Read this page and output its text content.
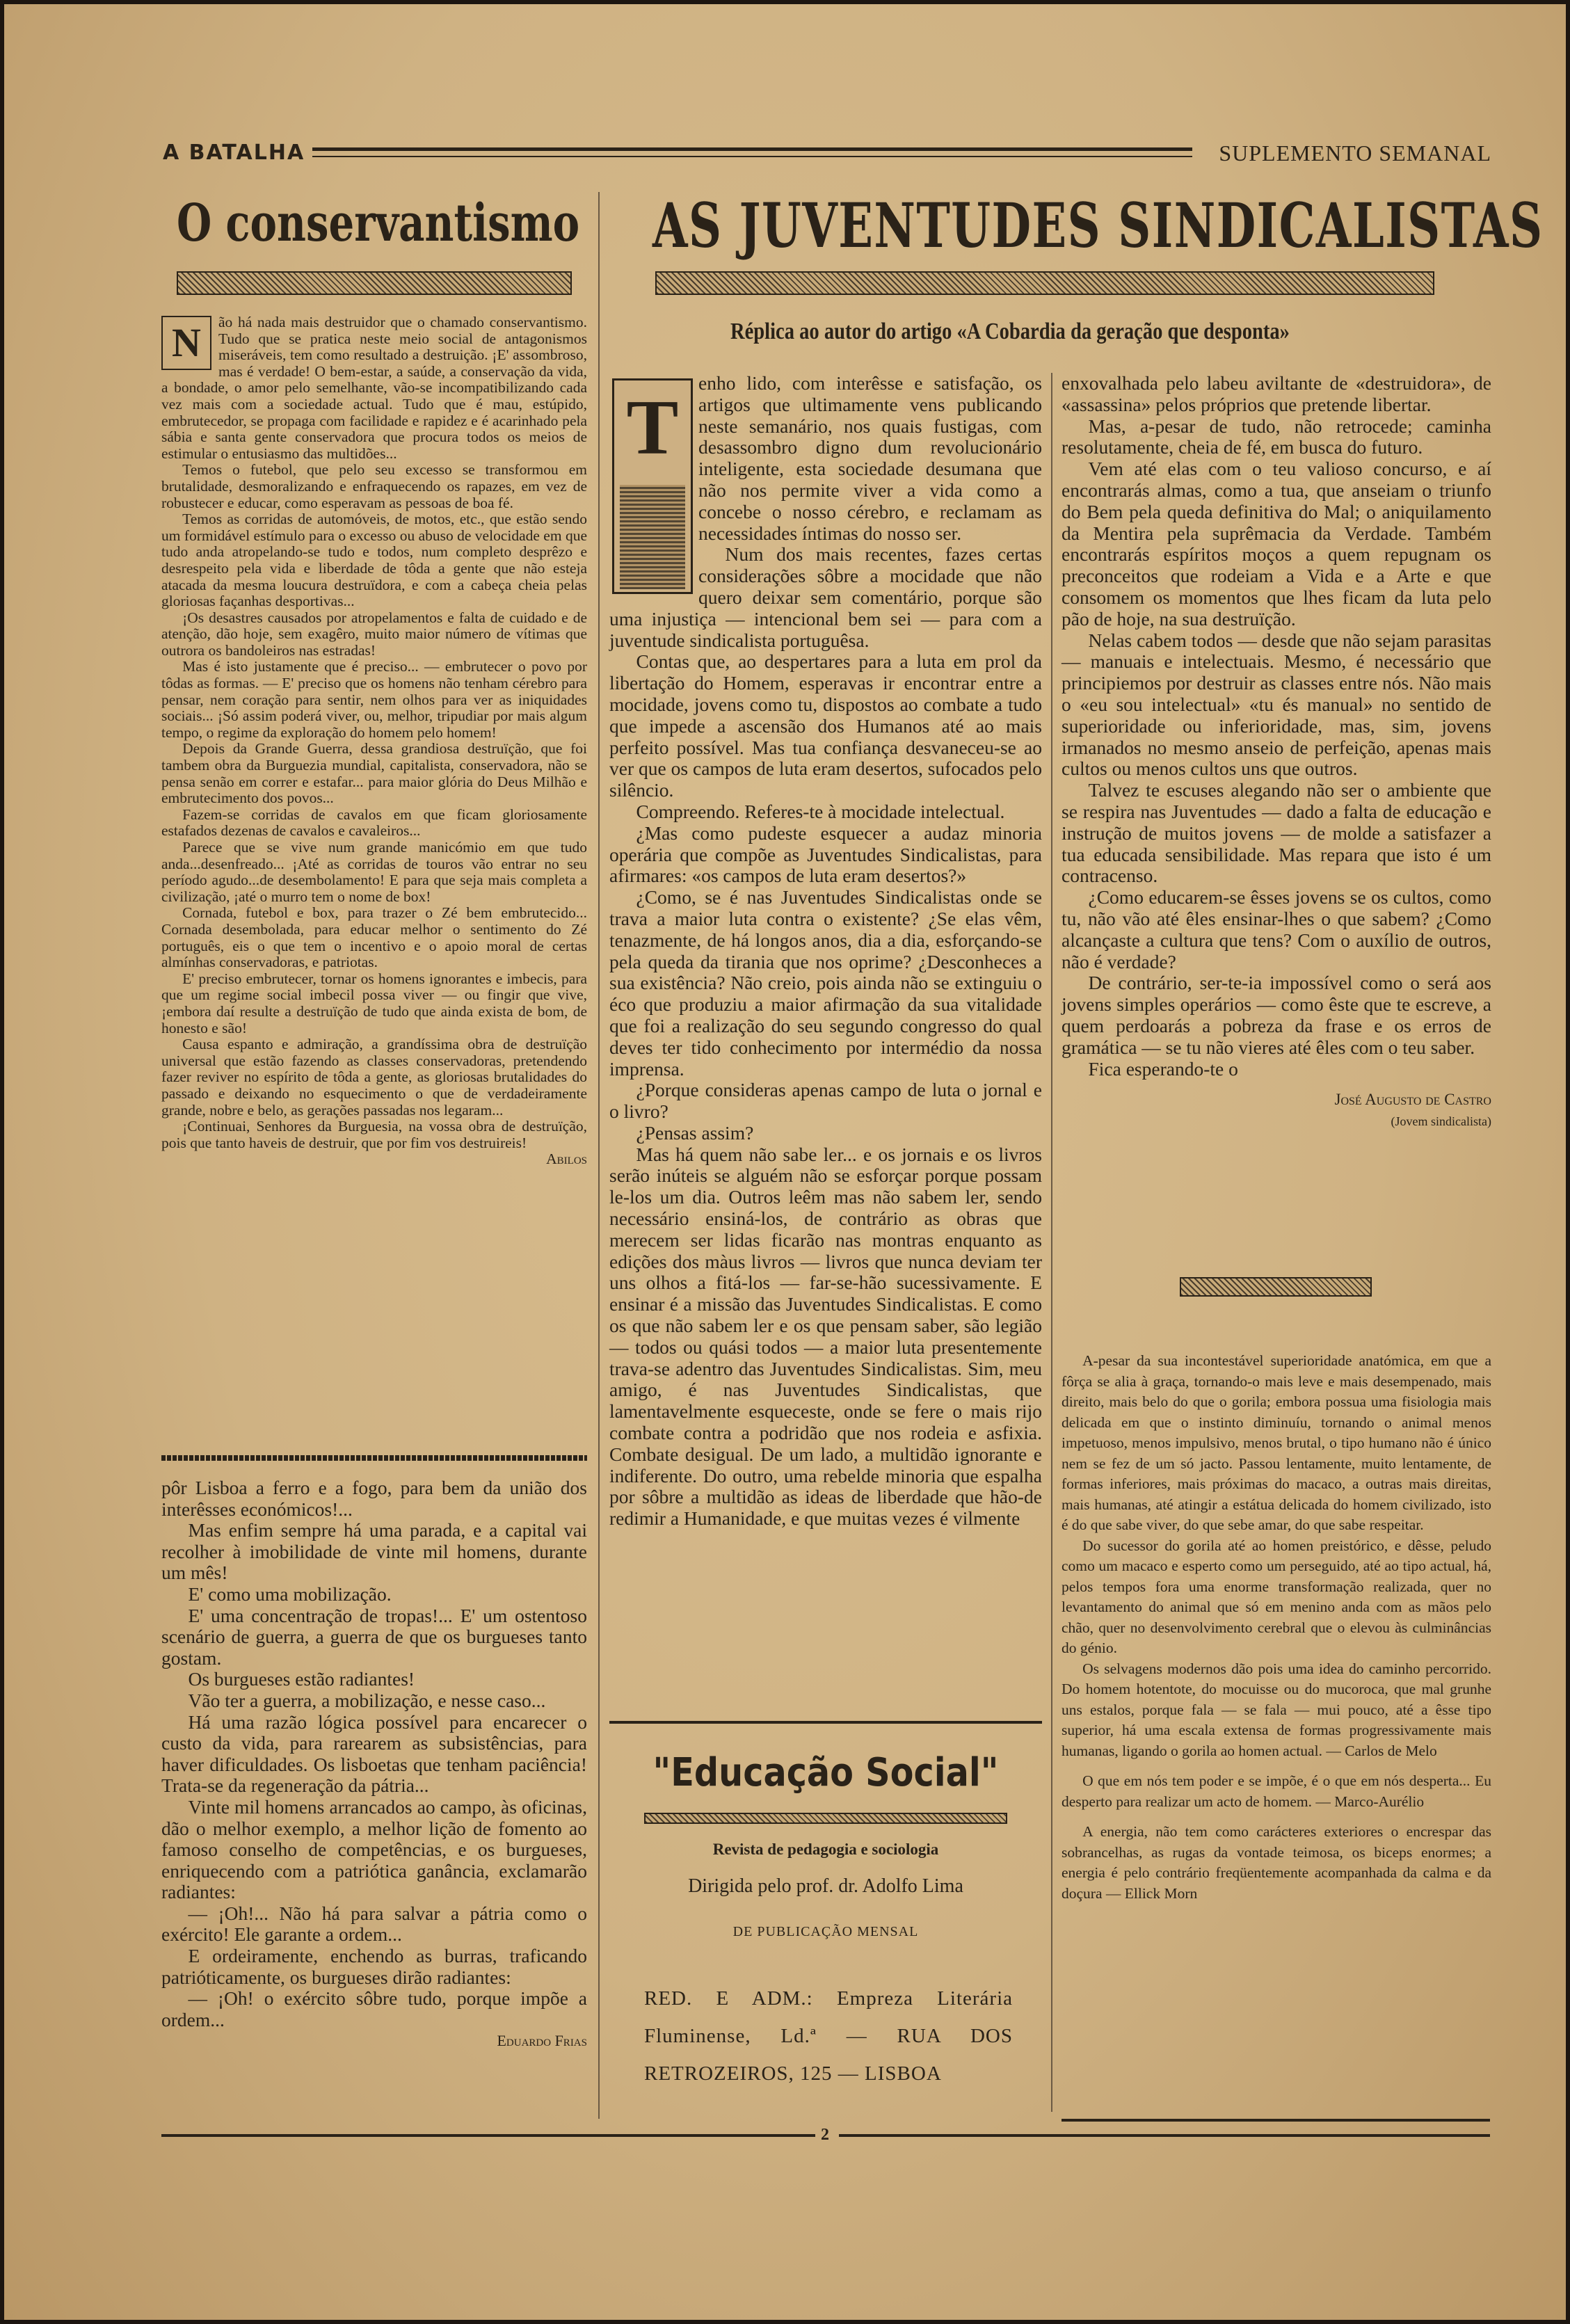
A BATALHA	SUPLEMENTO SEMANAL
O conservantismo AS JUVENTUDES SINDICALISTAS
Réplica ao autor do artigo «A Cobardia da geração que desponta»
N	ão há nada mais destruidor que o chamado conservantismo. Tudo que se pratica neste meio social de antagonismos miseráveis, tem como resultado a destruição. ¡E' assombroso, mas é verdade! O bem-estar, a saúde, a conservação da vida, a bondade, o amor pelo semelhante, vão-se incompatibilizando cada vez mais com a sociedade actual. Tudo que é mau, estúpido, embrutecedor, se propaga com facilidade e rapidez e é acarinhado pela sábia e santa gente conservadora que procura todos os meios de estimular o entusiasmo das multidões...

Temos o futebol, que pelo seu excesso se transformou em brutalidade, desmoralizando e enfraquecendo os rapazes, em vez de robustecer e educar, como esperavam as pessoas de boa fé.

Temos as corridas de automóveis, de motos, etc., que estão sendo um formidável estímulo para o excesso ou abuso de velocidade em que tudo anda atropelando-se tudo e todos, num completo desprêzo e desrespeito pela vida e liberdade de tôda a gente que não esteja atacada da mesma loucura destruïdora, e com a cabeça cheia pelas gloriosas façanhas desportivas...

¡Os desastres causados por atropelamentos e falta de cuidado e de atenção, dão hoje, sem exagêro, muito maior número de vítimas que outrora os bandoleiros nas estradas!

Mas é isto justamente que é preciso... — embrutecer o povo por tôdas as formas. — E' preciso que os homens não tenham cérebro para pensar, nem coração para sentir, nem olhos para ver as iniquidades sociais... ¡Só assim poderá viver, ou, melhor, tripudiar por mais algum tempo, o regime da exploração do homem pelo homem!

Depois da Grande Guerra, dessa grandiosa destruïção, que foi tambem obra da Burguezia mundial, capitalista, conservadora, não se pensa senão em correr e estafar... para maior glória do Deus Milhão e embrutecimento dos povos...

Fazem-se corridas de cavalos em que ficam gloriosamente estafados dezenas de cavalos e cavaleiros...

Parece que se vive num grande manicómio em que tudo anda...desenfreado... ¡Até as corridas de touros vão entrar no seu período agudo...de desembolamento! E para que seja mais completa a civilização, ¡até o murro tem o nome de box!

Cornada, futebol e box, para trazer o Zé bem embrutecido... Cornada desembolada, para educar melhor o sentimento do Zé português, eis o que tem o incentivo e o apoio moral de certas almínhas conservadoras, e patriotas.

E' preciso embrutecer, tornar os homens ignorantes e imbecis, para que um regime social imbecil possa viver — ou fingir que vive, ¡embora daí resulte a destruïção de tudo que ainda exista de bom, de honesto e são!

Causa espanto e admiração, a grandíssima obra de destruïção universal que estão fazendo as classes conservadoras, pretendendo fazer reviver no espírito de tôda a gente, as gloriosas brutalidades do passado e deixando no esquecimento o que de verdadeiramente grande, nobre e belo, as gerações passadas nos legaram...

¡Continuai, Senhores da Burguesia, na vossa obra de destruïção, pois que tanto haveis de destruir, que por fim vos destruireis!

Abilos

pôr Lisboa a ferro e a fogo, para bem da união dos interêsses económicos!...

Mas enfim sempre há uma parada, e a capital vai recolher à imobilidade de vinte mil homens, durante um mês!

E' como uma mobilização.

E' uma concentração de tropas!... E' um ostentoso scenário de guerra, a guerra de que os burgueses tanto gostam.

Os burgueses estão radiantes!

Vão ter a guerra, a mobilização, e nesse caso...

Há uma razão lógica possível para encarecer o custo da vida, para rarearem as subsistências, para haver dificuldades. Os lisboetas que tenham paciência! Trata-se da regeneração da pátria...

Vinte mil homens arrancados ao campo, às oficinas, dão o melhor exemplo, a melhor lição de fomento ao famoso conselho de competências, e os burgueses, enriquecendo com a patriótica ganância, exclamarão radiantes:

— ¡Oh!... Não há para salvar a pátria como o exército! Ele garante a ordem...

E ordeiramente, enchendo as burras, traficando patrióticamente, os burgueses dirão radiantes:

— ¡Oh! o exército sôbre tudo, porque impõe a ordem...

Eduardo Frias
T

enho lido, com interêsse e satisfação, os artigos que ultimamente vens publicando neste semanário, nos quais fustigas, com desassombro digno dum revolucionário inteligente, esta sociedade desumana que não nos permite viver a vida como a concebe o nosso cérebro, e reclamam as necessidades íntimas do nosso ser.

Num dos mais recentes, fazes certas considerações sôbre a mocidade que não quero deixar sem comentário, porque são uma injustiça — intencional bem sei — para com a juventude sindicalista portuguêsa.

Contas que, ao despertares para a luta em prol da libertação do Homem, esperavas ir encontrar entre a mocidade, jovens como tu, dispostos ao combate a tudo que impede a ascensão dos Humanos até ao mais perfeito possível. Mas tua confiança desvaneceu-se ao ver que os campos de luta eram desertos, sufocados pelo silêncio.

Compreendo. Referes-te à mocidade intelectual.

¿Mas como pudeste esquecer a audaz minoria operária que compõe as Juventudes Sindicalistas, para afirmares: «os campos de luta eram desertos?»

¿Como, se é nas Juventudes Sindicalistas onde se trava a maior luta contra o existente? ¿Se elas vêm, tenazmente, de há longos anos, dia a dia, esforçando-se pela queda da tirania que nos oprime? ¿Desconheces a sua existência? Não creio, pois ainda não se extinguiu o éco que produziu a maior afirmação da sua vitalidade que foi a realização do seu segundo congresso do qual deves ter tido conhecimento por intermédio da nossa imprensa.

¿Porque consideras apenas campo de luta o jornal e o livro?

¿Pensas assim?

Mas há quem não sabe ler... e os jornais e os livros serão inúteis se alguém não se esforçar porque possam le-los um dia. Outros leêm mas não sabem ler, sendo necessário ensiná-los, de contrário as obras que merecem ser lidas ficarão nas montras enquanto as edições dos màus livros — livros que nunca deviam ter uns olhos a fitá-los — far-se-hão sucessivamente. E ensinar é a missão das Juventudes Sindicalistas. E como os que não sabem ler e os que pensam saber, são legião — todos ou quási todos — a maior luta presentemente trava-se adentro das Juventudes Sindicalistas. Sim, meu amigo, é nas Juventudes Sindicalistas, que lamentavelmente esqueceste, onde se fere o mais rijo combate contra a podridão que nos rodeia e asfixia. Combate desigual. De um lado, a multidão ignorante e indiferente. Do outro, uma rebelde minoria que espalha por sôbre a multidão as ideas de liberdade que hão-de redimir a Humanidade, e que muitas vezes é vilmente

enxovalhada pelo labeu aviltante de «destruidora», de «assassina» pelos próprios que pretende libertar.

Mas, a-pesar de tudo, não retrocede; caminha resolutamente, cheia de fé, em busca do futuro.

Vem até elas com o teu valioso concurso, e aí encontrarás almas, como a tua, que anseiam o triunfo do Bem pela queda definitiva do Mal; o aniquilamento da Mentira pela suprêmacia da Verdade. Também encontrarás espíritos moços a quem repugnam os preconceitos que rodeiam a Vida e a Arte e que consomem os momentos que lhes ficam da luta pelo pão de hoje, na sua destruïção.

Nelas cabem todos — desde que não sejam parasitas — manuais e intelectuais. Mesmo, é necessário que principiemos por destruir as classes entre nós. Não mais o «eu sou intelectual» «tu és manual» no sentido de superioridade ou inferioridade, mas, sim, jovens irmanados no mesmo anseio de perfeição, apenas mais cultos ou menos cultos uns que outros.

Talvez te escuses alegando não ser o ambiente que se respira nas Juventudes — dado a falta de educação e instrução de muitos jovens — de molde a satisfazer a tua educada sensibilidade. Mas repara que isto é um contracenso.

¿Como educarem-se êsses jovens se os cultos, como tu, não vão até êles ensinar-lhes o que sabem? ¿Como alcançaste a cultura que tens? Com o auxílio de outros, não é verdade?

De contrário, ser-te-ia impossível como o será aos jovens simples operários — como êste que te escreve, a quem perdoarás a pobreza da frase e os erros de gramática — se tu não vieres até êles com o teu saber.

Fica esperando-te o

José Augusto de Castro
(Jovem sindicalista)

A-pesar da sua incontestável superioridade anatómica, em que a fôrça se alia à graça, tornando-o mais leve e mais desempenado, mais direito, mais belo do que o gorila; embora possua uma fisiologia mais delicada em que o instinto diminuíu, tornando o animal menos impetuoso, menos impulsivo, menos brutal, o tipo humano não é único nem se fez de um só jacto. Passou lentamente, muito lentamente, de formas inferiores, mais próximas do macaco, a outras mais direitas, mais humanas, até atingir a estátua delicada do homem civilizado, isto é do que sabe viver, do que sebe amar, do que sabe respeitar.

Do sucessor do gorila até ao homen preistórico, e dêsse, peludo como um macaco e esperto como um perseguido, até ao tipo actual, há, pelos tempos fora uma enorme transformação realizada, quer no levantamento do animal que só em menino anda com as mãos pelo chão, quer no desenvolvimento cerebral que o elevou às culminâncias do génio.

Os selvagens modernos dão pois uma idea do caminho percorrido. Do homem hotentote, do mocuisse ou do mucoroca, que mal grunhe uns estalos, porque fala — se fala — mui pouco, até a êsse tipo superior, há uma escala extensa de formas progressivamente mais humanas, ligando o gorila ao homen actual. — Carlos de Melo

O que em nós tem poder e se impõe, é o que em nós desperta... Eu desperto para realizar um acto de homem. — Marco-Aurélio

A energia, não tem como carácteres exteriores o encrespar das sobrancelhas, as rugas da vontade teimosa, os biceps enormes; a energia é pelo contrário freqüentemente acompanhada da calma e da doçura — Ellick Morn

"Educação Social"
Revista de pedagogia e sociologia
Dirigida pelo prof. dr. Adolfo Lima
DE PUBLICAÇÃO MENSAL
RED. E ADM.: Empreza Literária Fluminense, Ld.ª — RUA DOS RETROZEIROS, 125 — LISBOA
2
